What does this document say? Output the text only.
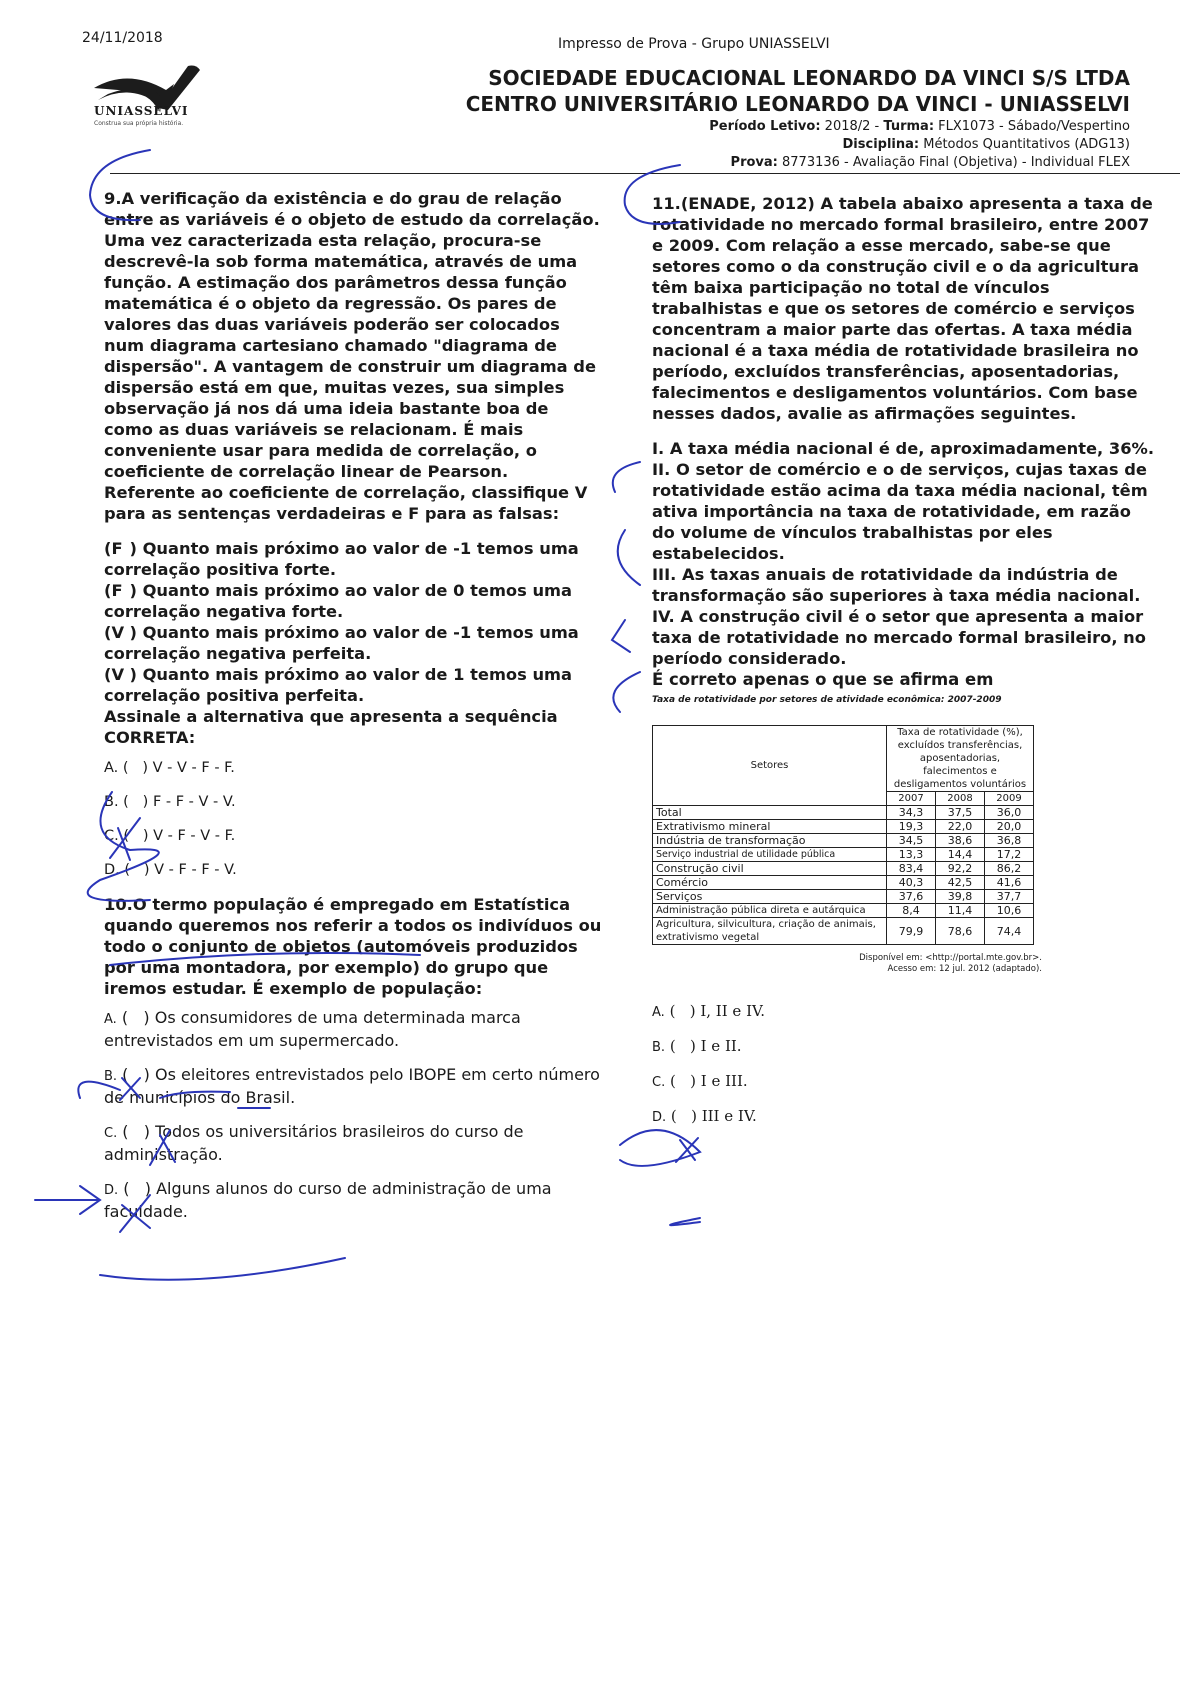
24/11/2018	Impresso de Prova - Grupo UNIASSELVI
UNIASSELVI
Construa sua própria história.
SOCIEDADE EDUCACIONAL LEONARDO DA VINCI S/S LTDA
CENTRO UNIVERSITÁRIO LEONARDO DA VINCI - UNIASSELVI
Período Letivo: 2018/2 - Turma: FLX1073 - Sábado/Vespertino
Disciplina: Métodos Quantitativos (ADG13)
Prova: 8773136 - Avaliação Final (Objetiva) - Individual FLEX

9.A verificação da existência e do grau de relação entre as variáveis é o objeto de estudo da correlação. Uma vez caracterizada esta relação, procura-se descrevê-la sob forma matemática, através de uma função. A estimação dos parâmetros dessa função matemática é o objeto da regressão. Os pares de valores das duas variáveis poderão ser colocados num diagrama cartesiano chamado "diagrama de dispersão". A vantagem de construir um diagrama de dispersão está em que, muitas vezes, sua simples observação já nos dá uma ideia bastante boa de como as duas variáveis se relacionam. É mais conveniente usar para medida de correlação, o coeficiente de correlação linear de Pearson. Referente ao coeficiente de correlação, classifique V para as sentenças verdadeiras e F para as falsas:

(F ) Quanto mais próximo ao valor de -1 temos uma correlação positiva forte.
(F ) Quanto mais próximo ao valor de 0 temos uma correlação negativa forte.
(V ) Quanto mais próximo ao valor de -1 temos uma correlação negativa perfeita.
(V ) Quanto mais próximo ao valor de 1 temos uma correlação positiva perfeita.

Assinale a alternativa que apresenta a sequência CORRETA:

A. (   ) V - V - F - F.
B. (   ) F - F - V - V.
C. (   ) V - F - V - F.
D. (   ) V - F - F - V.

10.O termo população é empregado em Estatística quando queremos nos referir a todos os indivíduos ou todo o conjunto de objetos (automóveis produzidos por uma montadora, por exemplo) do grupo que iremos estudar. É exemplo de população:

A. (   ) Os consumidores de uma determinada marca entrevistados em um supermercado.
B. (   ) Os eleitores entrevistados pelo IBOPE em certo número de municípios do Brasil.
C. (   ) Todos os universitários brasileiros do curso de administração.
D. (   ) Alguns alunos do curso de administração de uma faculdade.

11.(ENADE, 2012) A tabela abaixo apresenta a taxa de rotatividade no mercado formal brasileiro, entre 2007 e 2009. Com relação a esse mercado, sabe-se que setores como o da construção civil e o da agricultura têm baixa participação no total de vínculos trabalhistas e que os setores de comércio e serviços concentram a maior parte das ofertas. A taxa média nacional é a taxa média de rotatividade brasileira no período, excluídos transferências, aposentadorias, falecimentos e desligamentos voluntários. Com base nesses dados, avalie as afirmações seguintes.

I. A taxa média nacional é de, aproximadamente, 36%.

II. O setor de comércio e o de serviços, cujas taxas de rotatividade estão acima da taxa média nacional, têm ativa importância na taxa de rotatividade, em razão do volume de vínculos trabalhistas por eles estabelecidos.

III. As taxas anuais de rotatividade da indústria de transformação são superiores à taxa média nacional.

IV. A construção civil é o setor que apresenta a maior taxa de rotatividade no mercado formal brasileiro, no período considerado.

É correto apenas o que se afirma em

Taxa de rotatividade por setores de atividade econômica: 2007-2009
Setores	Taxa de rotatividade (%), excluídos transferências, aposentadorias, falecimentos e desligamentos voluntários		
	2007	2008	2009
Total	34,3	37,5	36,0
Extrativismo mineral	19,3	22,0	20,0
Indústria de transformação	34,5	38,6	36,8
Serviço industrial de utilidade pública	13,3	14,4	17,2
Construção civil	83,4	92,2	86,2
Comércio	40,3	42,5	41,6
Serviços	37,6	39,8	37,7
Administração pública direta e autárquica	8,4	11,4	10,6
Agricultura, silvicultura, criação de animais, extrativismo vegetal	79,9	78,6	74,4
Disponível em: <http://portal.mte.gov.br>.
Acesso em: 12 jul. 2012 (adaptado).
A. (   ) I, II e IV.
B. (   ) I e II.
C. (   ) I e III.
D. (   ) III e IV.
